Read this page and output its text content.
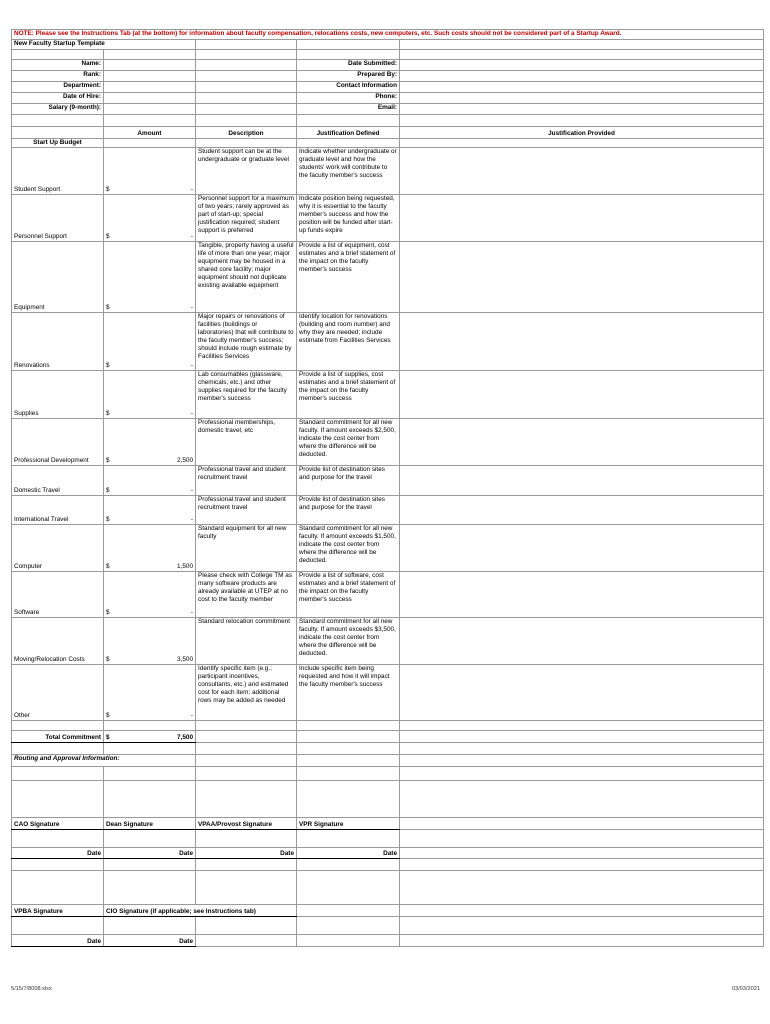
NOTE: Please see the Instructions Tab (at the bottom) for information about faculty compensation, relocations costs, new computers, etc. Such costs should not be considered part of a Startup Award.				
New Faculty Startup Template				

Name:			Date Submitted:	
Rank:			Prepared By:	
Department:			Contact Information	
Date of Hire:			Phone:	
Salary (9-month):			Email:	

	Amount	Description	Justification Defined	Justification Provided
Start Up Budget				
Student Support	$ -	Student support can be at the undergraduate or graduate level	Indicate whether undergraduate or graduate level and how the students' work will contribute to the faculty member's success	
Personnel Support	$ -	Personnel support for a maximum of two years; rarely approved as part of start-up; special justification required; student support is preferred	Indicate position being requested, why it is essential to the faculty member's success and how the position will be funded after start-up funds expire	
Equipment	$ -	Tangible, property having a useful life of more than one year; major equipment may be housed in a shared core facility; major equipment should not duplicate existing available equipment	Provide a list of equipment, cost estimates and a brief statement of the impact on the faculty member's success	
Renovations	$ -	Major repairs or renovations of facilities (buildings or laboratories) that will contribute to the faculty member's success; should include rough estimate by Facilities Services	Identify location for renovations (building and room number) and why they are needed; include estimate from Facilities Services	
Supplies	$ -	Lab consumables (glassware, chemicals, etc.) and other supplies required for the faculty member's success	Provide a list of supplies, cost estimates and a brief statement of the impact on the faculty member's success	
Professional Development	$ 2,500	Professional memberships, domestic travel, etc	Standard commitment for all new faculty. If amount exceeds $2,500, indicate the cost center from where the difference will be deducted.	
Domestic Travel	$ -	Professional travel and student recruitment travel	Provide list of destination sites and purpose for the travel	
International Travel	$ -	Professional travel and student recruitment travel	Provide list of destination sites and purpose for the travel	
Computer	$ 1,500	Standard equipment for all new faculty	Standard commitment for all new faculty. If amount exceeds $1,500, indicate the cost center from where the difference will be deducted.	
Software	$ -	Please check with College TM as many software products are already available at UTEP at no cost to the faculty member	Provide a list of software, cost estimates and a brief statement of the impact on the faculty member's success	
Moving/Relocation Costs	$ 3,500	Standard relocation commitment	Standard commitment for all new faculty. If amount exceeds $3,500, indicate the cost center from where the difference will be deducted.	
Other	$ -	Identify specific item (e.g.; participant incentives, consultants, etc.) and estimated cost for each item; additional rows may be added as needed	Include specific item being requested and how it will impact the faculty member's success	

Total Commitment	$ 7,500			

Routing and Approval Information:				

CAO Signature	Dean Signature	VPAA/Provost Signature	VPR Signature	

Date	Date	Date	Date	

VPBA Signature	CIO Signature (if applicable; see Instructions tab)			

Date	Date			
5/15/7/8008.xlsx	03/03/2021
